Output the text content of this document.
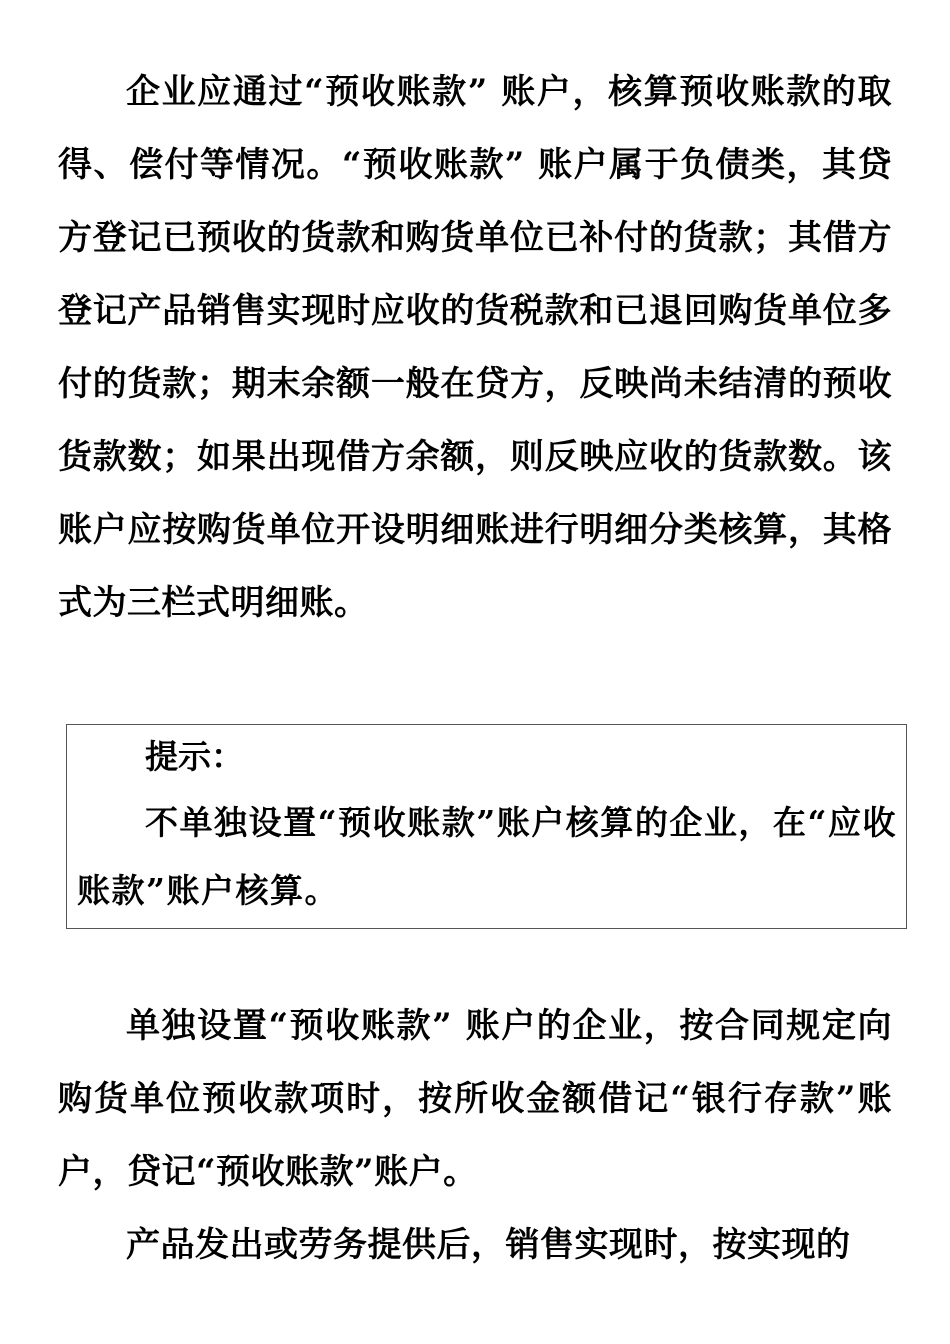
企业应通过“预收账款” 账户，核算预收账款的取得、偿付等情况。“预收账款” 账户属于负债类，其贷方登记已预收的货款和购货单位已补付的货款；其借方登记产品销售实现时应收的货税款和已退回购货单位多付的货款；期末余额一般在贷方，反映尚未结清的预收货款数；如果出现借方余额，则反映应收的货款数。该账户应按购货单位开设明细账进行明细分类核算，其格式为三栏式明细账。

提示：

不单独设置“预收账款”账户核算的企业，在“应收账款”账户核算。

单独设置“预收账款” 账户的企业，按合同规定向购货单位预收款项时，按所收金额借记“银行存款”账户，贷记“预收账款”账户。

产品发出或劳务提供后，销售实现时，按实现的
